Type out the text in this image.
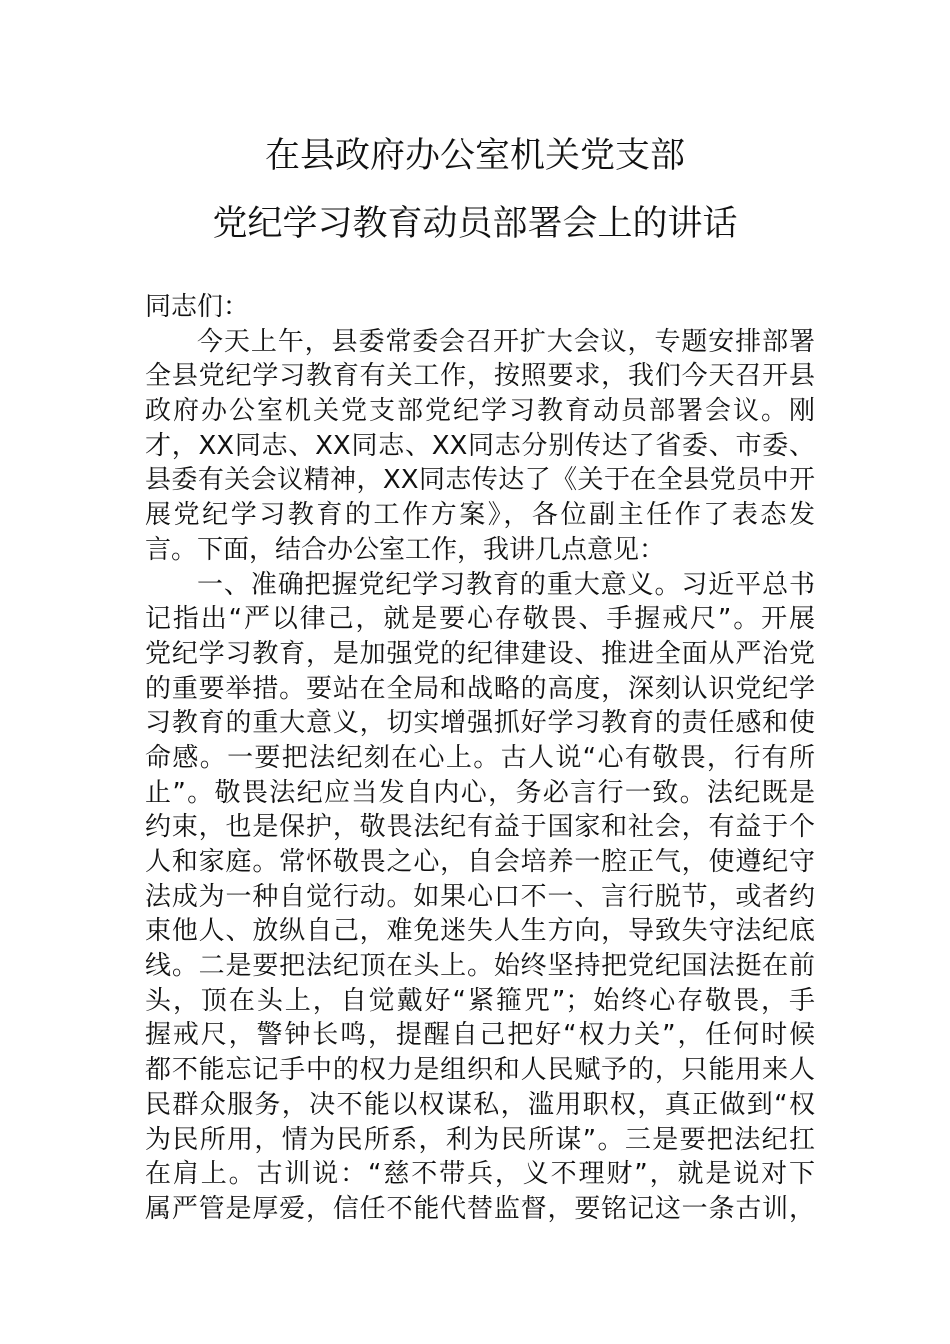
在县政府办公室机关党支部
党纪学习教育动员部署会上的讲话
同志们：
今天上午，县委常委会召开扩大会议，专题安排部署
全县党纪学习教育有关工作，按照要求，我们今天召开县
政府办公室机关党支部党纪学习教育动员部署会议。刚
才，XX同志、XX同志、XX同志分别传达了省委、市委、
县委有关会议精神，XX同志传达了《关于在全县党员中开
展党纪学习教育的工作方案》，各位副主任作了表态发
言。下面，结合办公室工作，我讲几点意见：
一、准确把握党纪学习教育的重大意义。习近平总书
记指出“严以律己，就是要心存敬畏、手握戒尺”。开展
党纪学习教育，是加强党的纪律建设、推进全面从严治党
的重要举措。要站在全局和战略的高度，深刻认识党纪学
习教育的重大意义，切实增强抓好学习教育的责任感和使
命感。一要把法纪刻在心上。古人说“心有敬畏，行有所
止”。敬畏法纪应当发自内心，务必言行一致。法纪既是
约束，也是保护，敬畏法纪有益于国家和社会，有益于个
人和家庭。常怀敬畏之心，自会培养一腔正气，使遵纪守
法成为一种自觉行动。如果心口不一、言行脱节，或者约
束他人、放纵自己，难免迷失人生方向，导致失守法纪底
线。二是要把法纪顶在头上。始终坚持把党纪国法挺在前
头，顶在头上，自觉戴好“紧箍咒”；始终心存敬畏，手
握戒尺，警钟长鸣，提醒自己把好“权力关”，任何时候
都不能忘记手中的权力是组织和人民赋予的，只能用来人
民群众服务，决不能以权谋私，滥用职权，真正做到“权
为民所用，情为民所系，利为民所谋”。三是要把法纪扛
在肩上。古训说：“慈不带兵，义不理财”，就是说对下
属严管是厚爱，信任不能代替监督，要铭记这一条古训，
